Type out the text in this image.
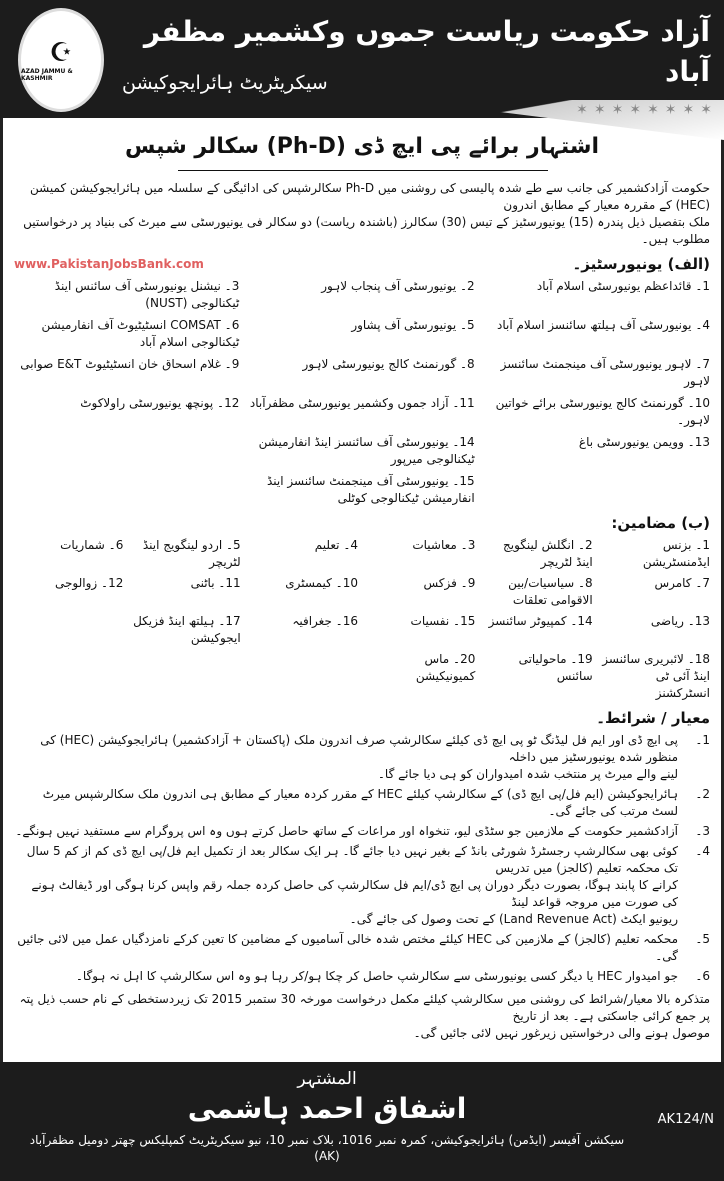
✶✶✶✶✶✶✶✶
☪
AZAD JAMMU & KASHMIR
آزاد حکومت ریاست جموں وکشمیر مظفر آباد
سیکریٹریٹ ہائرایجوکیشن
اشتہار برائے پی ایچ ڈی (Ph-D) سکالر شپس
حکومت آزادکشمیر کی جانب سے طے شدہ پالیسی کی روشنی میں Ph-D سکالرشپس کی ادائیگی کے سلسلہ میں ہائرایجوکیشن کمیشن (HEC) کے مقررہ معیار کے مطابق اندرون
ملک بتفصیل ذیل پندرہ (15) یونیورسٹیز کے تیس (30) سکالرز (باشندہ ریاست) دو سکالر فی یونیورسٹی سے میرٹ کی بنیاد پر درخواستیں مطلوب ہیں۔
(الف) یونیورسٹیز۔
www.PakistanJobsBank.com
1۔ قائداعظم یونیورسٹی اسلام آباد
2۔ یونیورسٹی آف پنجاب لاہور
3۔ نیشنل یونیورسٹی آف سائنس اینڈ ٹیکنالوجی (NUST)
4۔ یونیورسٹی آف ہیلتھ سائنسز اسلام آباد
5۔ یونیورسٹی آف پشاور
6۔ COMSAT انسٹیٹیوٹ آف انفارمیشن ٹیکنالوجی اسلام آباد
7۔ لاہور یونیورسٹی آف مینجمنٹ سائنسز لاہور
8۔ گورنمنٹ کالج یونیورسٹی لاہور
9۔ غلام اسحاق خان انسٹیٹیوٹ E&T صوابی
10۔ گورنمنٹ کالج یونیورسٹی برائے خواتین لاہور۔
11۔ آزاد جموں وکشمیر یونیورسٹی مظفرآباد
12۔ پونچھ یونیورسٹی راولاکوٹ
13۔ وویمن یونیورسٹی باغ
14۔ یونیورسٹی آف سائنسز اینڈ انفارمیشن ٹیکنالوجی میرپور
15۔ یونیورسٹی آف مینجمنٹ سائنسز اینڈ انفارمیشن ٹیکنالوجی کوٹلی
(ب) مضامین:
1۔ بزنس ایڈمنسٹریشن
2۔ انگلش لینگویج اینڈ لٹریچر
3۔ معاشیات
4۔ تعلیم
5۔ اردو لینگویج اینڈ لٹریچر
6۔ شماریات
7۔ کامرس
8۔ سیاسیات/بین الاقوامی تعلقات
9۔ فزکس
10۔ کیمسٹری
11۔ باٹنی
12۔ زوالوجی
13۔ ریاضی
14۔ کمپیوٹر سائنسز
15۔ نفسیات
16۔ جغرافیہ
17۔ ہیلتھ اینڈ فزیکل ایجوکیشن
18۔ لائبریری سائنسز اینڈ آئی ٹی انسٹرکشنز
19۔ ماحولیاتی سائنس
20۔ ماس کمیونیکیشن
معیار / شرائط۔
1۔
پی ایچ ڈی اور ایم فل لیڈنگ ٹو پی ایچ ڈی کیلئے سکالرشپ صرف اندرون ملک (پاکستان + آزادکشمیر) ہائرایجوکیشن (HEC) کی منظور شدہ یونیورسٹیز میں داخلہ
لینے والے میرٹ پر منتخب شدہ امیدواران کو ہی دیا جائے گا۔
2۔
ہائرایجوکیشن (ایم فل/پی ایچ ڈی) کے سکالرشپ کیلئے HEC کے مقرر کردہ معیار کے مطابق ہی اندرون ملک سکالرشپس میرٹ لسٹ مرتب کی جائے گی۔
3۔
آزادکشمیر حکومت کے ملازمین جو سٹڈی لیو، تنخواہ اور مراعات کے ساتھ حاصل کرتے ہوں وہ اس پروگرام سے مستفید نہیں ہونگے۔
4۔
کوئی بھی سکالرشپ رجسٹرڈ شورٹی بانڈ کے بغیر نہیں دیا جائے گا۔ ہر ایک سکالر بعد از تکمیل ایم فل/پی ایچ ڈی کم از کم 5 سال تک محکمہ تعلیم (کالجز) میں تدریس
کرانے کا پابند ہوگا، بصورت دیگر دوران پی ایچ ڈی/ایم فل سکالرشپ کی حاصل کردہ جملہ رقم واپس کرنا ہوگی اور ڈیفالٹ ہونے کی صورت میں مروجہ قواعد لینڈ
ریونیو ایکٹ (Land Revenue Act) کے تحت وصول کی جائے گی۔
5۔
محکمہ تعلیم (کالجز) کے ملازمین کی HEC کیلئے مختص شدہ خالی آسامیوں کے مضامین کا تعین کرکے نامزدگیاں عمل میں لائی جائیں گی۔
6۔
جو امیدوار HEC یا دیگر کسی یونیورسٹی سے سکالرشپ حاصل کر چکا ہو/کر رہا ہو وہ اس سکالرشپ کا اہل نہ ہوگا۔
متذکرہ بالا معیار/شرائط کی روشنی میں سکالرشپ کیلئے مکمل درخواست مورخہ 30 ستمبر 2015 تک زیردستخطی کے نام حسب ذیل پتہ پر جمع کرائی جاسکتی ہے۔ بعد از تاریخ
موصول ہونے والی درخواستیں زیرغور نہیں لائی جائیں گی۔
المشتہر
اشفاق احمد ہاشمی
سیکشن آفیسر (ایڈمن) ہائرایجوکیشن، کمرہ نمبر 1016، بلاک نمبر 10، نیو سیکریٹریٹ کمپلیکس چھتر دومیل مظفرآباد (AK)
AK124/N
